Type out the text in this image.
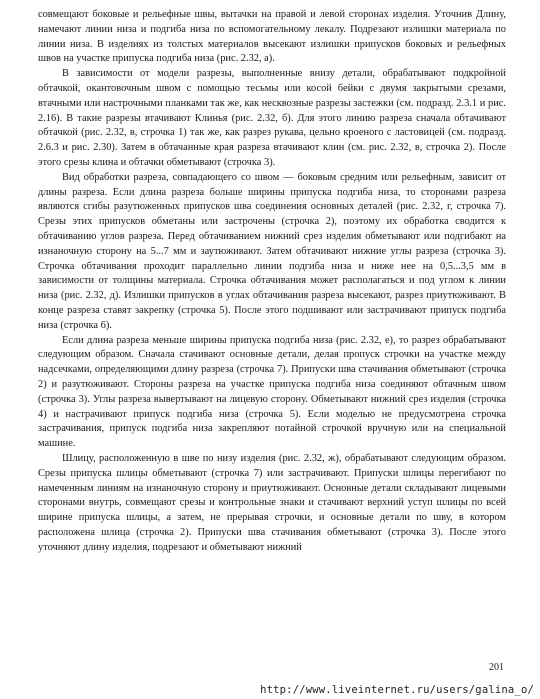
совмещают боковые и рельефные швы, вытачки на правой и левой сторонах изделия. Уточнив Длину, намечают линии низа и подгиба низа по вспомогательному лекалу. Подрезают излишки материала по линии низа. В изделиях из толстых материалов высекают излишки припусков боковых и рельефных швов на участке припуска подгиба низа (рис. 2.32, а).

В зависимости от модели разрезы, выполненные внизу детали, обрабатывают подкройной обтачкой, окантовочным швом с помощью тесьмы или косой бейки с двумя закрытыми срезами, втачными или настрочными планками так же, как несквозные разрезы застежки (см. подразд. 2.3.1 и рис. 2.16). В такие разрезы втачивают Клинья (рис. 2.32, б). Для этого линию разреза сначала обтачивают обтачкой (рис. 2.32, в, строчка 1) так же, как разрез рукава, цельно кроеного с ластовицей (см. подразд. 2.6.3 и рис. 2.30). Затем в обтачанные края разреза втачивают клин (см. рис. 2.32, в, строчка 2). После этого срезы клина и обтачки обметывают (строчка 3).

Вид обработки разреза, совпадающего со швом — боковым средним или рельефным, зависит от длины разреза. Если длина разреза больше ширины припуска подгиба низа, то сторонами разреза являются сгибы разутюженных припусков шва соединения основных деталей (рис. 2.32, г, строчка 7). Срезы этих припусков обметаны или застрочены (строчка 2), поэтому их обработка сводится к обтачиванию углов разреза. Перед обтачиванием нижний срез изделия обметывают или подгибают на изнаночную сторону на 5...7 мм и заутюживают. Затем обтачивают нижние углы разреза (строчка 3). Строчка обтачивания проходит параллельно линии подгиба низа и ниже нее на 0,5...3,5 мм в зависимости от толщины материала. Строчка обтачивания может располагаться и под углом к линии низа (рис. 2.32, д). Излишки припусков в углах обтачивания разреза высекают, разрез приутюживают. В конце разреза ставят закрепку (строчка 5). После этого подшивают или застрачивают припуск подгиба низа (строчка 6).

Если длина разреза меньше ширины припуска подгиба низа (рис. 2.32, е), то разрез обрабатывают следующим образом. Сначала стачивают основные детали, делая пропуск строчки на участке между надсечками, определяющими длину разреза (строчка 7). Припуски шва стачивания обметывают (строчка 2) и разутюживают. Стороны разреза на участке припуска подгиба низа соединяют обтачным швом (строчка 3). Углы разреза вывертывают на лицевую сторону. Обметывают нижний срез изделия (строчка 4) и настрачивают припуск подгиба низа (строчка 5). Если моделью не предусмотрена строчка застрачивания, припуск подгиба низа закрепляют потайной строчкой вручную или на специальной машине.

Шлицу, расположенную в шве по низу изделия (рис. 2.32, ж), обрабатывают следующим образом. Срезы припуска шлицы обметывают (строчка 7) или застрачивают. Припуски шлицы перегибают по намеченным линиям на изнаночную сторону и приутюживают. Основные детали складывают лицевыми сторонами внутрь, совмещают срезы и контрольные знаки и стачивают верхний уступ шлицы по всей ширине припуска шлицы, а затем, не прерывая строчки, и основные детали по шву, в котором расположена шлица (строчка 2). Припуски шва стачивания обметывают (строчка 3). После этого уточняют длину изделия, подрезают и обметывают нижний

201
http://www.liveinternet.ru/users/galina_o/
